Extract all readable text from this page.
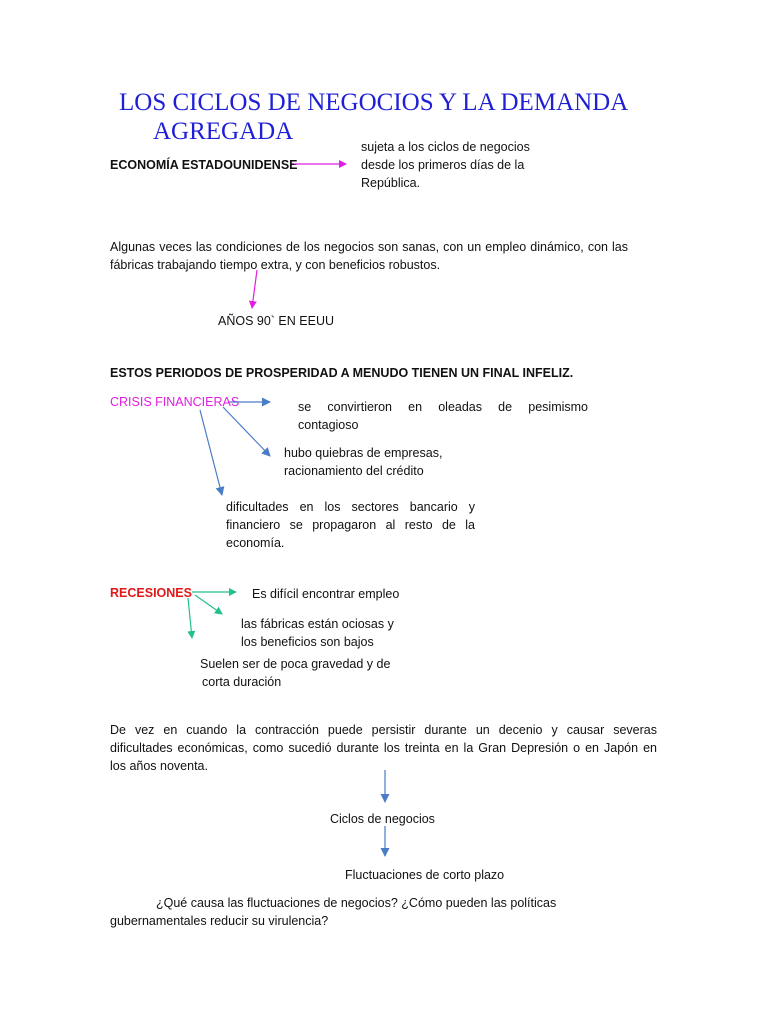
LOS CICLOS DE NEGOCIOS Y LA DEMANDA
AGREGADA
ECONOMÍA ESTADOUNIDENSE
sujeta a los ciclos de negocios
desde los primeros días de la
República.
Algunas veces las condiciones de los negocios son sanas, con un empleo dinámico, con las
fábricas trabajando tiempo extra, y con beneficios robustos.
AÑOS 90` EN EEUU
ESTOS PERIODOS DE PROSPERIDAD A MENUDO TIENEN UN FINAL INFELIZ.
CRISIS FINANCIERAS	se convirtieron en oleadas de pesimismo
contagioso
hubo quiebras de empresas,
racionamiento del crédito
dificultades en los sectores bancario y
financiero se propagaron al resto de la
economía.
RECESIONES	Es difícil encontrar empleo
las fábricas están ociosas y
los beneficios son bajos
Suelen ser de poca gravedad y de
corta duración
De vez en cuando la contracción puede persistir durante un decenio y causar severas
dificultades económicas, como sucedió durante los treinta en la Gran Depresión o en Japón en
los años noventa.
Ciclos de negocios
Fluctuaciones de corto plazo
¿Qué causa las fluctuaciones de negocios? ¿Cómo pueden las políticas
gubernamentales reducir su virulencia?
